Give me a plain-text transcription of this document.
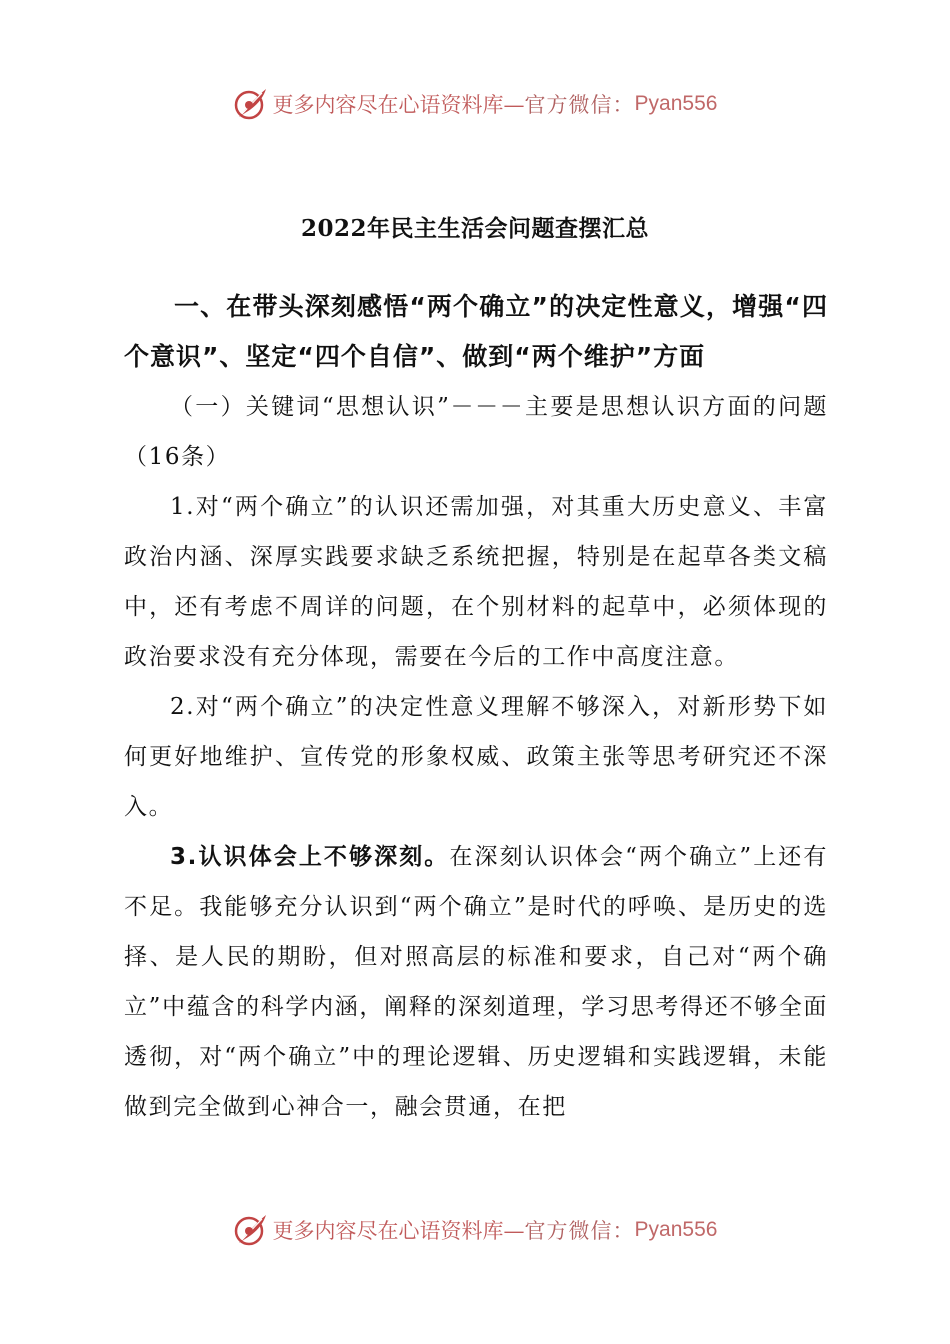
更多内容尽在心语资料库— 官方微信： Pyan556
2022年民主生活会问题查摆汇总

一、在带头深刻感悟“两个确立”的决定性意义，增强“四个意识”、坚定“四个自信”、做到“两个维护”方面

（一）关键词“思想认识”－－－主要是思想认识方面的问题（16条）

1.对“两个确立”的认识还需加强，对其重大历史意义、丰富政治内涵、深厚实践要求缺乏系统把握，特别是在起草各类文稿中，还有考虑不周详的问题，在个别材料的起草中，必须体现的政治要求没有充分体现，需要在今后的工作中高度注意。

2.对“两个确立”的决定性意义理解不够深入，对新形势下如何更好地维护、宣传党的形象权威、政策主张等思考研究还不深入。

3.认识体会上不够深刻。在深刻认识体会“两个确立”上还有不足。我能够充分认识到“两个确立”是时代的呼唤、是历史的选择、是人民的期盼，但对照高层的标准和要求，自己对“两个确立”中蕴含的科学内涵，阐释的深刻道理，学习思考得还不够全面透彻，对“两个确立”中的理论逻辑、历史逻辑和实践逻辑，未能做到完全做到心神合一，融会贯通，在把

更多内容尽在心语资料库— 官方微信： Pyan556
